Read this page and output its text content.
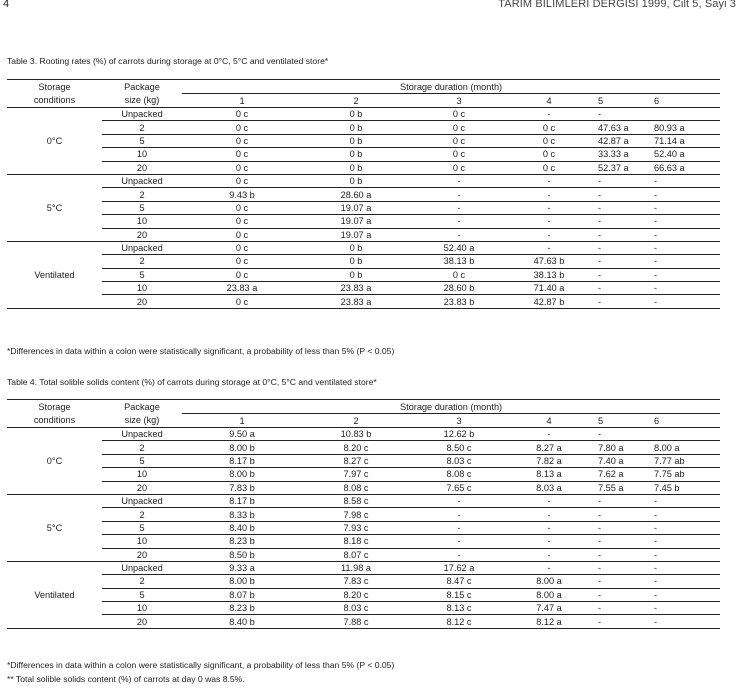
4	TARIM BILIMLERI DERGISI 1999, Cilt 5, Sayi 3
Table 3. Rooting rates (%) of carrots during storage at 0°C, 5°C and ventilated store*
Storage	Package	Storage duration (month)					
conditions	size (kg)	1	2	3	4	5	6
0°C	Unpacked	0 c	0 b	0 c	-	-	
	2	0 c	0 b	0 c	0 c	47.63 a	80.93 a
	5	0 c	0 b	0 c	0 c	42.87 a	71.14 a
	10	0 c	0 b	0 c	0 c	33.33 a	52.40 a
	20	0 c	0 b	0 c	0 c	52.37 a	66.63 a
5°C	Unpacked	0 c	0 b	-	-	-	-
	2	9.43 b	28.60 a	-	-	-	-
	5	0 c	19.07 a	-	-	-	-
	10	0 c	19.07 a	-	-	-	-
	20	0 c	19.07 a	-	-	-	-
Ventilated	Unpacked	0 c	0 b	52.40 a	-	-	-
	2	0 c	0 b	38.13 b	47.63 b	-	-
	5	0 c	0 b	0 c	38.13 b	-	-
	10	23.83 a	23.83 a	28.60 b	71.40 a	-	-
	20	0 c	23.83 a	23.83 b	42.87 b	-	-
*Differences in data within a colon were statistically significant, a probability of less than 5% (P < 0.05)
Table 4. Total solible solids content (%) of carrots during storage at 0°C, 5°C and ventilated store*
Storage	Package	Storage duration (month)					
conditions	size (kg)	1	2	3	4	5	6
0°C	Unpacked	9.50 a	10.83 b	12.62 b	-	-	
	2	8.00 b	8.20 c	8.50 c	8.27 a	7.80 a	8.00 a
	5	8.17 b	8.27 c	8.03 c	7.82 a	7.40 a	7.77 ab
	10	8.00 b	7.97 c	8.08 c	8.13 a	7.62 a	7.75 ab
	20	7.83 b	8.08 c	7.65 c	8.03 a	7.55 a	7.45 b
5°C	Unpacked	8.17 b	8.58 c	-	-	-	-
	2	8.33 b	7.98 c	-	-	-	-
	5	8.40 b	7.93 c	-	-	-	-
	10	8.23 b	8.18 c	-	-	-	-
	20	8.50 b	8.07 c	-	-	-	-
Ventilated	Unpacked	9.33 a	11.98 a	17.62 a	-	-	-
	2	8.00 b	7.83 c	8.47 c	8.00 a	-	-
	5	8.07 b	8.20 c	8.15 c	8.00 a	-	-
	10	8.23 b	8.03 c	8.13 c	7.47 a	-	-
	20	8.40 b	7.88 c	8.12 c	8.12 a	-	-
*Differences in data within a colon were statistically significant, a probability of less than 5% (P < 0.05)
** Total solible solids content (%) of carrots at day 0 was 8.5%.
